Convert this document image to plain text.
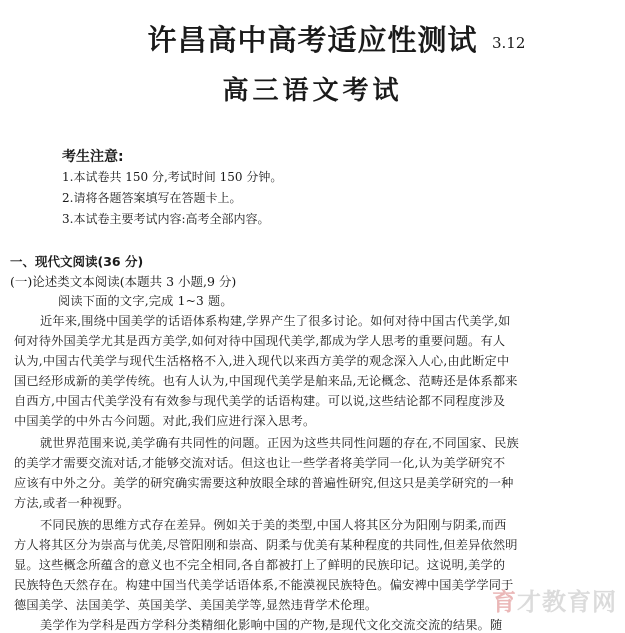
许昌高中高考适应性测试 3.12
高三语文考试
考生注意:
1.本试卷共 150 分,考试时间 150 分钟。
2.请将各题答案填写在答题卡上。
3.本试卷主要考试内容:高考全部内容。
一、现代文阅读(36 分)
(一)论述类文本阅读(本题共 3 小题,9 分)
阅读下面的文字,完成 1~3 题。
近年来,围绕中国美学的话语体系构建,学界产生了很多讨论。如何对待中国古代美学,如
何对待外国美学尤其是西方美学,如何对待中国现代美学,都成为学人思考的重要问题。有人
认为,中国古代美学与现代生活格格不入,进入现代以来西方美学的观念深入人心,由此断定中
国已经形成新的美学传统。也有人认为,中国现代美学是舶来品,无论概念、范畴还是体系都来
自西方,中国古代美学没有有效参与现代美学的话语构建。可以说,这些结论都不同程度涉及
中国美学的中外古今问题。对此,我们应进行深入思考。
就世界范围来说,美学确有共同性的问题。正因为这些共同性问题的存在,不同国家、民族
的美学才需要交流对话,才能够交流对话。但这也让一些学者将美学同一化,认为美学研究不
应该有中外之分。美学的研究确实需要这种放眼全球的普遍性研究,但这只是美学研究的一种
方法,或者一种视野。
不同民族的思维方式存在差异。例如关于美的类型,中国人将其区分为阳刚与阴柔,而西
方人将其区分为崇高与优美,尽管阳刚和崇高、阴柔与优美有某种程度的共同性,但差异依然明
显。这些概念所蕴含的意义也不完全相同,各自都被打上了鲜明的民族印记。这说明,美学的
民族特色天然存在。构建中国当代美学话语体系,不能漠视民族特色。偏安裨中国美学学同于
德国美学、法国美学、英国美学、美国美学等,显然违背学术伦理。
美学作为学科是西方学科分类精细化影响中国的产物,是现代文化交流交流的结果。随
育才教育网
